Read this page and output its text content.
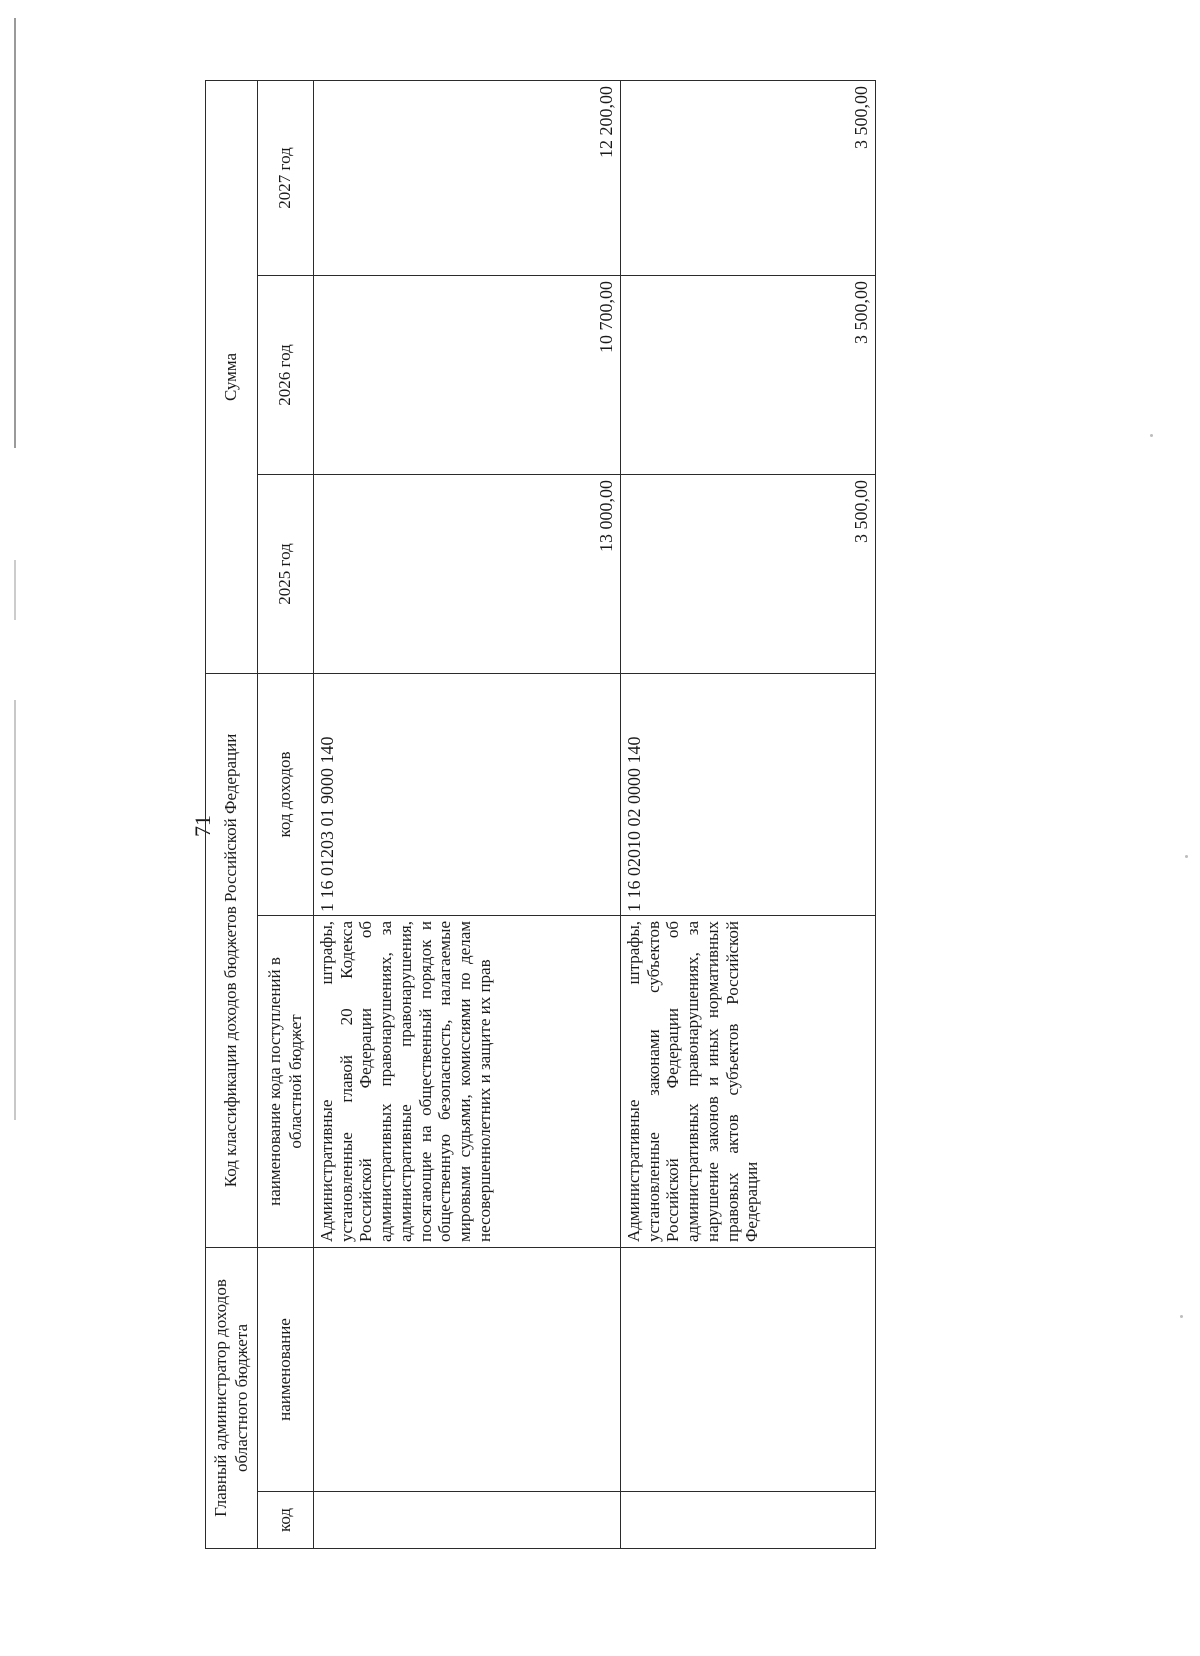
71
Главный администратор доходов областного бюджета		Код классификации доходов бюджетов Российской Федерации		Сумма		
код	наименование	наименование кода поступлений в областной бюджет	код доходов	2025 год	2026 год	2027 год
		Административные штрафы, установленные главой 20 Кодекса Российской Федерации об административных правонарушениях, за административные правонарушения, посягающие на общественный порядок и общественную безопасность, налагаемые мировыми судьями, комиссиями по делам несовершеннолетних и защите их прав	1 16 01203 01 9000 140	13 000,00	10 700,00	12 200,00
		Административные штрафы, установленные законами субъектов Российской Федерации об административных правонарушениях, за нарушение законов и иных нормативных правовых актов субъектов Российской Федерации	1 16 02010 02 0000 140	3 500,00	3 500,00	3 500,00
